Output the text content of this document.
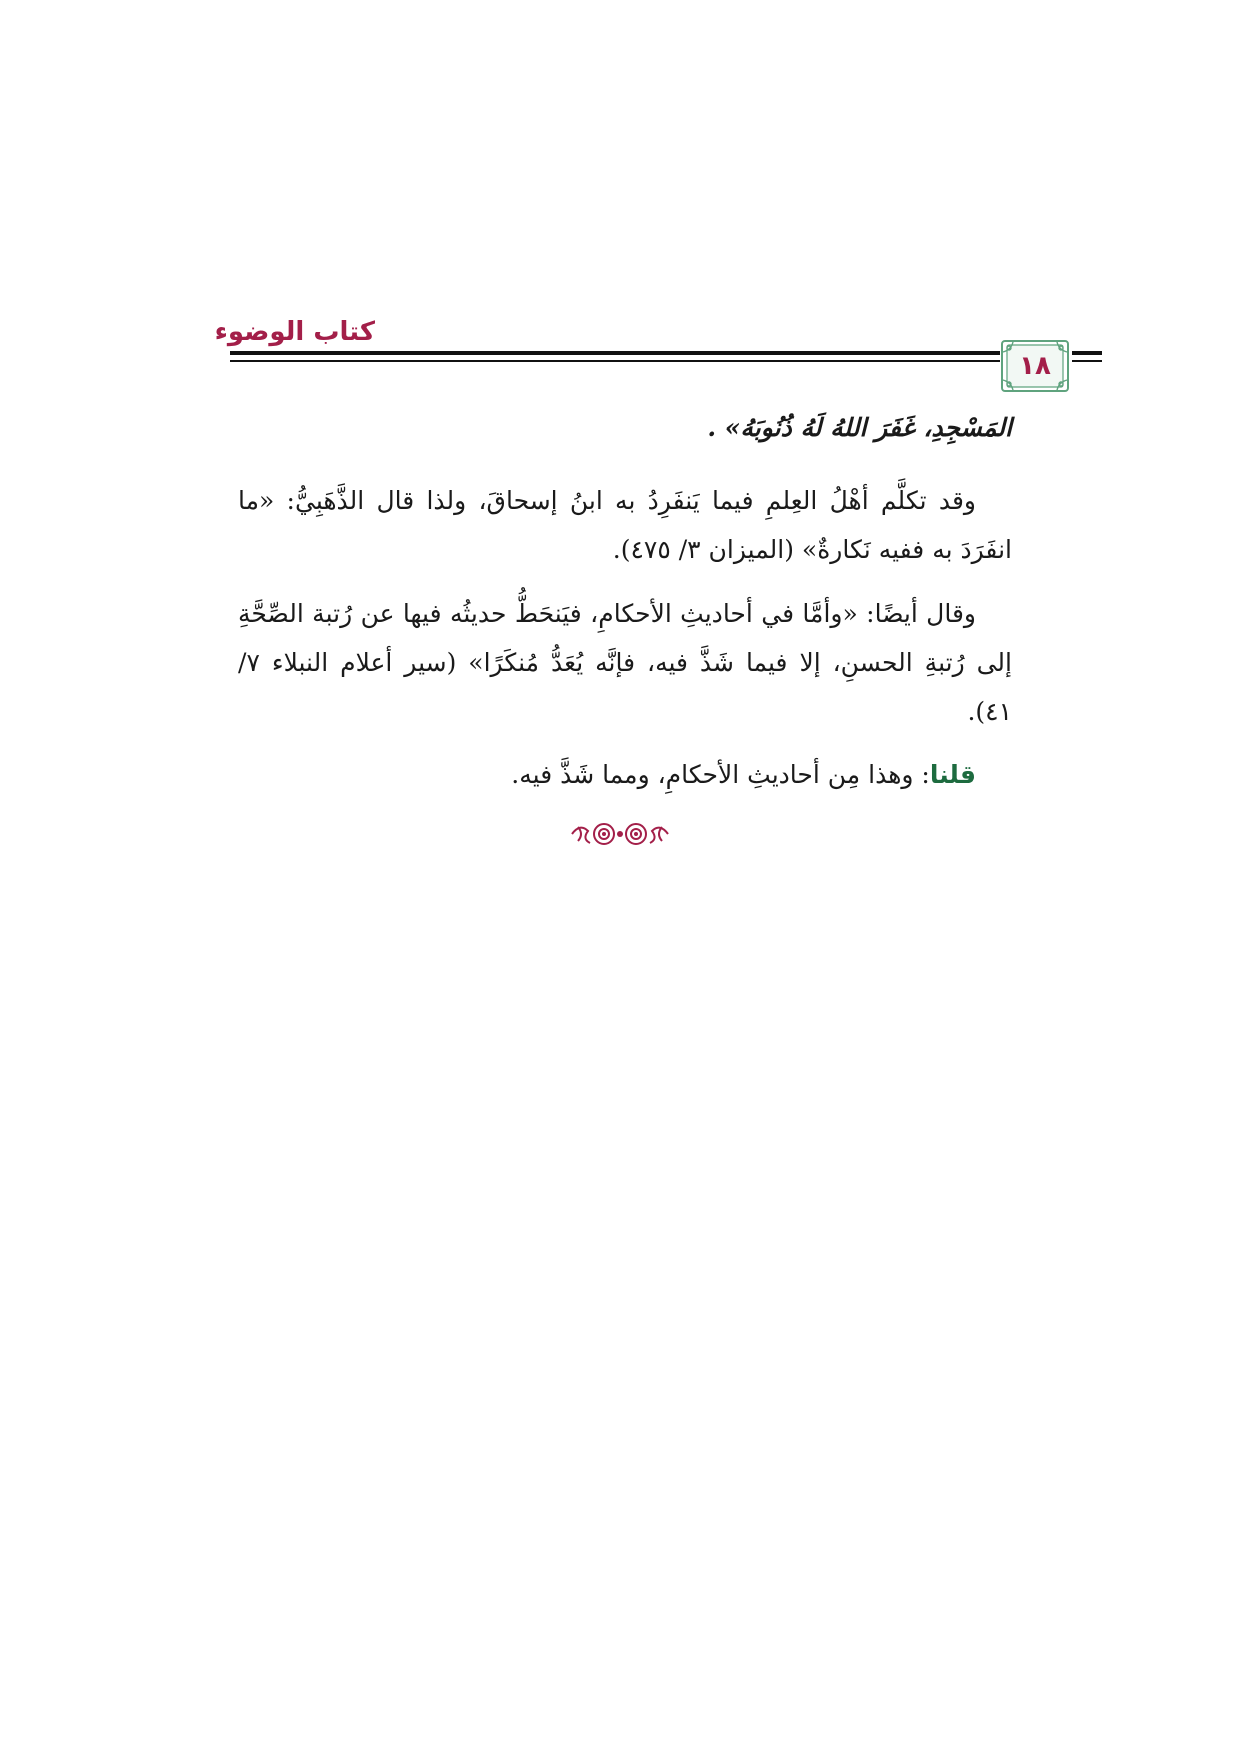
كتاب الوضوء
١٨
المَسْجِدِ، غَفَرَ اللهُ لَهُ ذُنُوبَهُ» .
وقد تكلَّم أهْلُ العِلمِ فيما يَنفَرِدُ به ابنُ إسحاقَ، ولذا قال الذَّهَبِيُّ: «ما انفَرَدَ به ففيه نَكارةٌ» (الميزان ٣/ ٤٧٥).
وقال أيضًا: «وأمَّا في أحاديثِ الأحكامِ، فيَنحَطُّ حديثُه فيها عن رُتبة الصِّحَّةِ إلى رُتبةِ الحسنِ، إلا فيما شَذَّ فيه، فإنَّه يُعَدُّ مُنكَرًا» (سير أعلام النبلاء ٧/ ٤١).
قلنا: وهذا مِن أحاديثِ الأحكامِ، ومما شَذَّ فيه.
